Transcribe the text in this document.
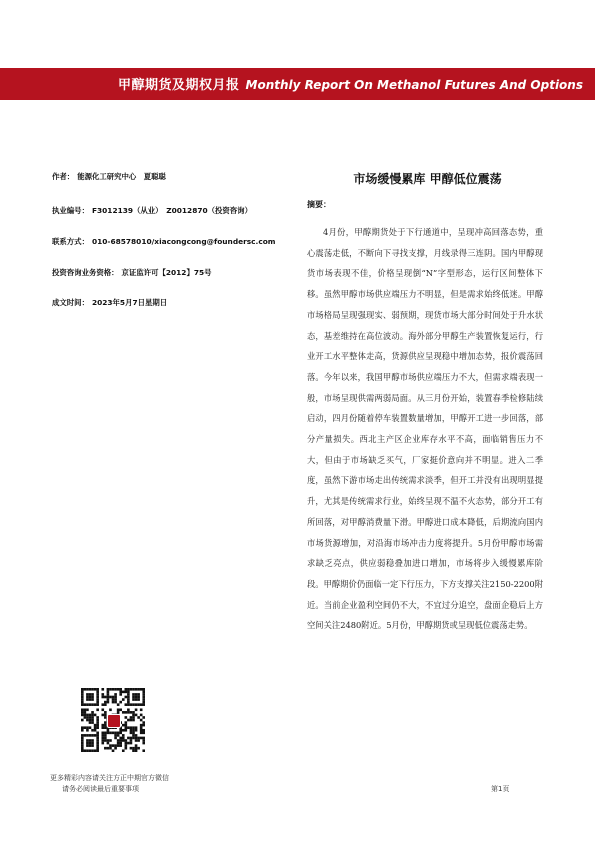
甲醇期货及期权月报 Monthly Report On Methanol Futures And Options
作者： 能源化工研究中心　夏聪聪
执业编号： F3012139（从业）　Z0012870（投资咨询）
联系方式： 010-68578010/xiacongcong@foundersc.com
投资咨询业务资格： 京证监许可【2012】75号
成文时间： 2023年5月7日星期日
市场缓慢累库 甲醇低位震荡
摘要：

4月份，甲醇期货处于下行通道中，呈现冲高回落态势，重心震荡走低，不断向下寻找支撑，月线录得三连阴。国内甲醇现货市场表现不佳，价格呈现倒“N”字型形态，运行区间整体下移。虽然甲醇市场供应端压力不明显，但是需求始终低迷。甲醇市场格局呈现强现实、弱预期，现货市场大部分时间处于升水状态，基差维持在高位波动。海外部分甲醇生产装置恢复运行，行业开工水平整体走高，货源供应呈现稳中增加态势，报价震荡回落。今年以来，我国甲醇市场供应端压力不大，但需求端表现一般，市场呈现供需两弱局面。从三月份开始，装置春季检修陆续启动，四月份随着停车装置数量增加，甲醇开工进一步回落，部分产量损失。西北主产区企业库存水平不高，面临销售压力不大，但由于市场缺乏买气，厂家挺价意向并不明显。进入二季度，虽然下游市场走出传统需求淡季，但开工并没有出现明显提升，尤其是传统需求行业，始终呈现不温不火态势，部分开工有所回落，对甲醇消费量下滑。甲醇进口成本降低，后期流向国内市场货源增加，对沿海市场冲击力度将提升。5月份甲醇市场需求缺乏亮点，供应弱稳叠加进口增加，市场将步入缓慢累库阶段。甲醇期价仍面临一定下行压力，下方支撑关注2150-2200附近。当前企业盈利空间仍不大，不宜过分追空，盘面企稳后上方空间关注2480附近。5月份，甲醇期货或呈现低位震荡走势。

更多精彩内容请关注方正中期官方微信
请务必阅读最后重要事项	第1页
